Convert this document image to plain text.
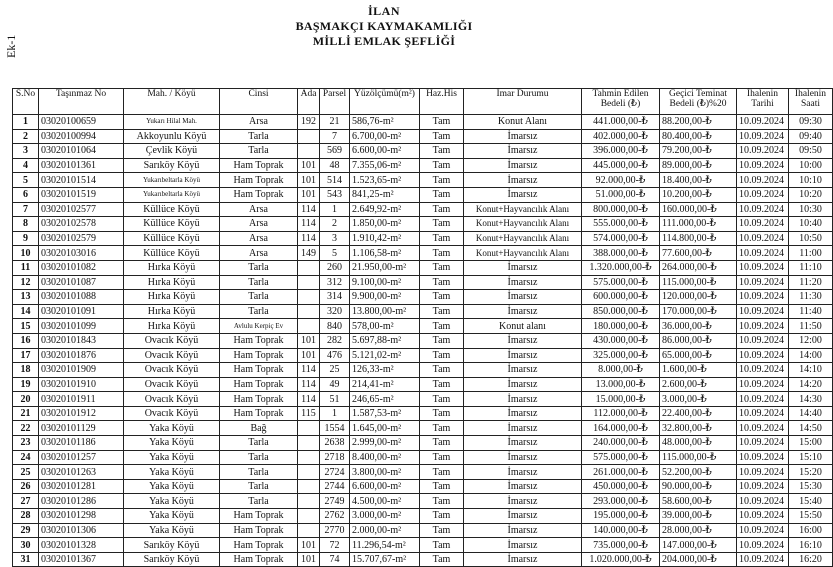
Ek-1
İLAN
BAŞMAKÇI KAYMAKAMLIĞI
MİLLİ EMLAK ŞEFLİĞİ
S.No	Taşınmaz No	Mah. / Köyü	Cinsi	Ada	Parsel	Yüzölçümü(m²)	Haz.His	İmar Durumu	Tahmin Edilen Bedeli (₺)	Geçici Teminat Bedeli (₺)%20	İhalenin Tarihi	İhalenin Saati
1	03020100659	Yukarı Hilal Mah.	Arsa	192	21	586,76-m²	Tam	Konut Alanı	441.000,00-₺	88.200,00-₺	10.09.2024	09:30
2	03020100994	Akkoyunlu Köyü	Tarla		7	6.700,00-m²	Tam	İmarsız	402.000,00-₺	80.400,00-₺	10.09.2024	09:40
3	03020101064	Çevlik Köyü	Tarla		569	6.600,00-m²	Tam	İmarsız	396.000,00-₺	79.200,00-₺	10.09.2024	09:50
4	03020101361	Sarıköy Köyü	Ham Toprak	101	48	7.355,06-m²	Tam	İmarsız	445.000,00-₺	89.000,00-₺	10.09.2024	10:00
5	03020101514	Yukarıbeltarla Köyü	Ham Toprak	101	514	1.523,65-m²	Tam	İmarsız	92.000,00-₺	18.400,00-₺	10.09.2024	10:10
6	03020101519	Yukarıbeltarla Köyü	Ham Toprak	101	543	841,25-m²	Tam	İmarsız	51.000,00-₺	10.200,00-₺	10.09.2024	10:20
7	03020102577	Küllüce Köyü	Arsa	114	1	2.649,92-m²	Tam	Konut+Hayvancılık Alanı	800.000,00-₺	160.000,00-₺	10.09.2024	10:30
8	03020102578	Küllüce Köyü	Arsa	114	2	1.850,00-m²	Tam	Konut+Hayvancılık Alanı	555.000,00-₺	111.000,00-₺	10.09.2024	10:40
9	03020102579	Küllüce Köyü	Arsa	114	3	1.910,42-m²	Tam	Konut+Hayvancılık Alanı	574.000,00-₺	114.800,00-₺	10.09.2024	10:50
10	03020103016	Küllüce Köyü	Arsa	149	5	1.106,58-m²	Tam	Konut+Hayvancılık Alanı	388.000,00-₺	77.600,00-₺	10.09.2024	11:00
11	03020101082	Hırka Köyü	Tarla		260	21.950,00-m²	Tam	İmarsız	1.320.000,00-₺	264.000,00-₺	10.09.2024	11:10
12	03020101087	Hırka Köyü	Tarla		312	9.100,00-m²	Tam	İmarsız	575.000,00-₺	115.000,00-₺	10.09.2024	11:20
13	03020101088	Hırka Köyü	Tarla		314	9.900,00-m²	Tam	İmarsız	600.000,00-₺	120.000,00-₺	10.09.2024	11:30
14	03020101091	Hırka Köyü	Tarla		320	13.800,00-m²	Tam	İmarsız	850.000,00-₺	170.000,00-₺	10.09.2024	11:40
15	03020101099	Hırka Köyü	Avlulu Kerpiç Ev		840	578,00-m²	Tam	Konut alanı	180.000,00-₺	36.000,00-₺	10.09.2024	11:50
16	03020101843	Ovacık Köyü	Ham Toprak	101	282	5.697,88-m²	Tam	İmarsız	430.000,00-₺	86.000,00-₺	10.09.2024	12:00
17	03020101876	Ovacık Köyü	Ham Toprak	101	476	5.121,02-m²	Tam	İmarsız	325.000,00-₺	65.000,00-₺	10.09.2024	14:00
18	03020101909	Ovacık Köyü	Ham Toprak	114	25	126,33-m²	Tam	İmarsız	8.000,00-₺	1.600,00-₺	10.09.2024	14:10
19	03020101910	Ovacık Köyü	Ham Toprak	114	49	214,41-m²	Tam	İmarsız	13.000,00-₺	2.600,00-₺	10.09.2024	14:20
20	03020101911	Ovacık Köyü	Ham Toprak	114	51	246,65-m²	Tam	İmarsız	15.000,00-₺	3.000,00-₺	10.09.2024	14:30
21	03020101912	Ovacık Köyü	Ham Toprak	115	1	1.587,53-m²	Tam	İmarsız	112.000,00-₺	22.400,00-₺	10.09.2024	14:40
22	03020101129	Yaka Köyü	Bağ		1554	1.645,00-m²	Tam	İmarsız	164.000,00-₺	32.800,00-₺	10.09.2024	14:50
23	03020101186	Yaka Köyü	Tarla		2638	2.999,00-m²	Tam	İmarsız	240.000,00-₺	48.000,00-₺	10.09.2024	15:00
24	03020101257	Yaka Köyü	Tarla		2718	8.400,00-m²	Tam	İmarsız	575.000,00-₺	115.000,00-₺	10.09.2024	15:10
25	03020101263	Yaka Köyü	Tarla		2724	3.800,00-m²	Tam	İmarsız	261.000,00-₺	52.200,00-₺	10.09.2024	15:20
26	03020101281	Yaka Köyü	Tarla		2744	6.600,00-m²	Tam	İmarsız	450.000,00-₺	90.000,00-₺	10.09.2024	15:30
27	03020101286	Yaka Köyü	Tarla		2749	4.500,00-m²	Tam	İmarsız	293.000,00-₺	58.600,00-₺	10.09.2024	15:40
28	03020101298	Yaka Köyü	Ham Toprak		2762	3.000,00-m²	Tam	İmarsız	195.000,00-₺	39.000,00-₺	10.09.2024	15:50
29	03020101306	Yaka Köyü	Ham Toprak		2770	2.000,00-m²	Tam	İmarsız	140.000,00-₺	28.000,00-₺	10.09.2024	16:00
30	03020101328	Sarıköy Köyü	Ham Toprak	101	72	11.296,54-m²	Tam	İmarsız	735.000,00-₺	147.000,00-₺	10.09.2024	16:10
31	03020101367	Sarıköy Köyü	Ham Toprak	101	74	15.707,67-m²	Tam	İmarsız	1.020.000,00-₺	204.000,00-₺	10.09.2024	16:20
